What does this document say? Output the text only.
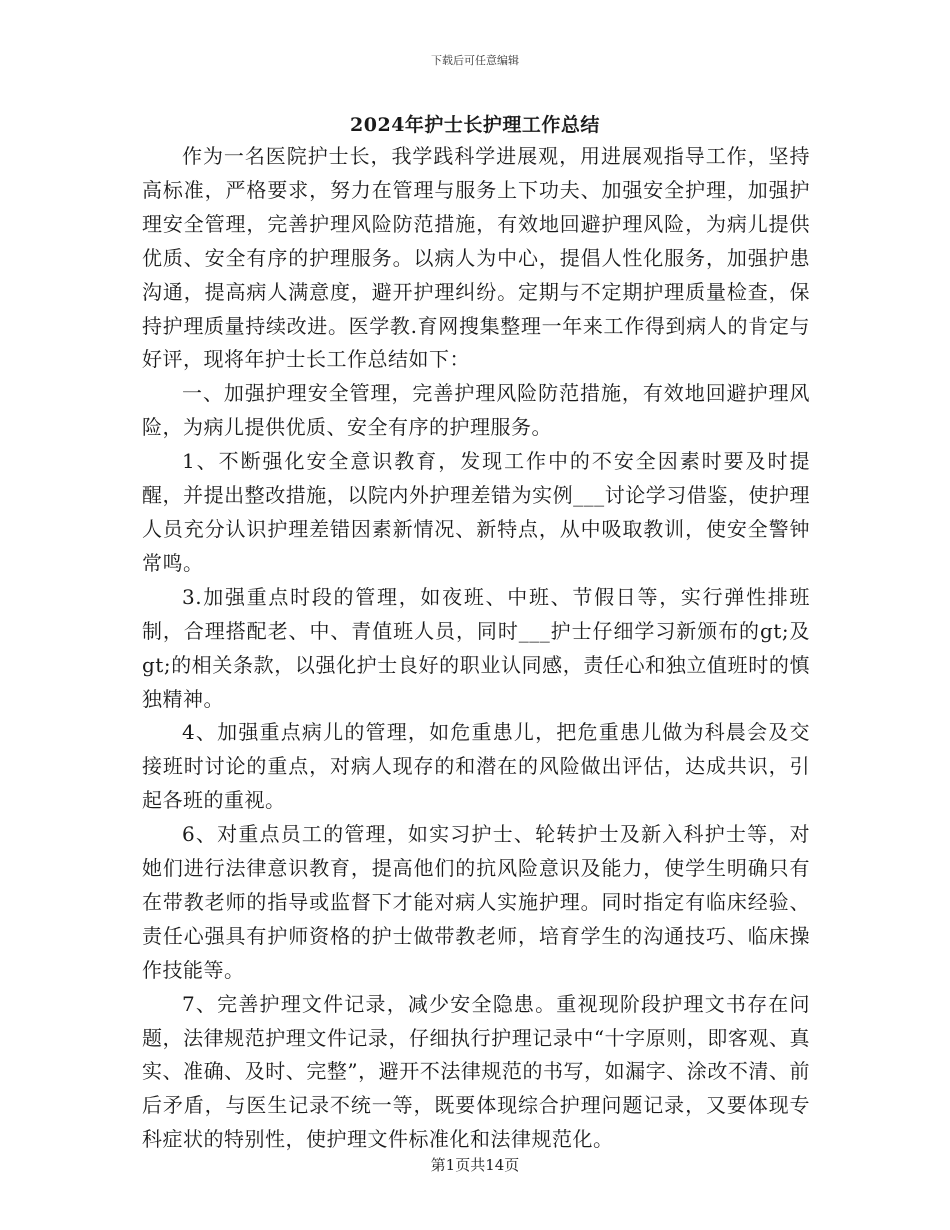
下载后可任意编辑
2024年护士长护理工作总结

作为一名医院护士长，我学践科学进展观，用进展观指导工作，坚持高标准，严格要求，努力在管理与服务上下功夫、加强安全护理，加强护理安全管理，完善护理风险防范措施，有效地回避护理风险，为病儿提供优质、安全有序的护理服务。以病人为中心，提倡人性化服务，加强护患沟通，提高病人满意度，避开护理纠纷。定期与不定期护理质量检查，保持护理质量持续改进。医学教.育网搜集整理一年来工作得到病人的肯定与好评，现将年护士长工作总结如下：

一、加强护理安全管理，完善护理风险防范措施，有效地回避护理风险，为病儿提供优质、安全有序的护理服务。

1、不断强化安全意识教育，发现工作中的不安全因素时要及时提醒，并提出整改措施，以院内外护理差错为实例___讨论学习借鉴，使护理人员充分认识护理差错因素新情况、新特点，从中吸取教训，使安全警钟常鸣。

3.加强重点时段的管理，如夜班、中班、节假日等，实行弹性排班制，合理搭配老、中、青值班人员，同时___护士仔细学习新颁布的gt;及gt;的相关条款，以强化护士良好的职业认同感，责任心和独立值班时的慎独精神。

4、加强重点病儿的管理，如危重患儿，把危重患儿做为科晨会及交接班时讨论的重点，对病人现存的和潜在的风险做出评估，达成共识，引起各班的重视。

6、对重点员工的管理，如实习护士、轮转护士及新入科护士等，对她们进行法律意识教育，提高他们的抗风险意识及能力，使学生明确只有在带教老师的指导或监督下才能对病人实施护理。同时指定有临床经验、责任心强具有护师资格的护士做带教老师，培育学生的沟通技巧、临床操作技能等。

7、完善护理文件记录，减少安全隐患。重视现阶段护理文书存在问题，法律规范护理文件记录，仔细执行护理记录中“十字原则，即客观、真实、准确、及时、完整”，避开不法律规范的书写，如漏字、涂改不清、前后矛盾，与医生记录不统一等，既要体现综合护理问题记录，又要体现专科症状的特别性，使护理文件标准化和法律规范化。

第1页共14页
